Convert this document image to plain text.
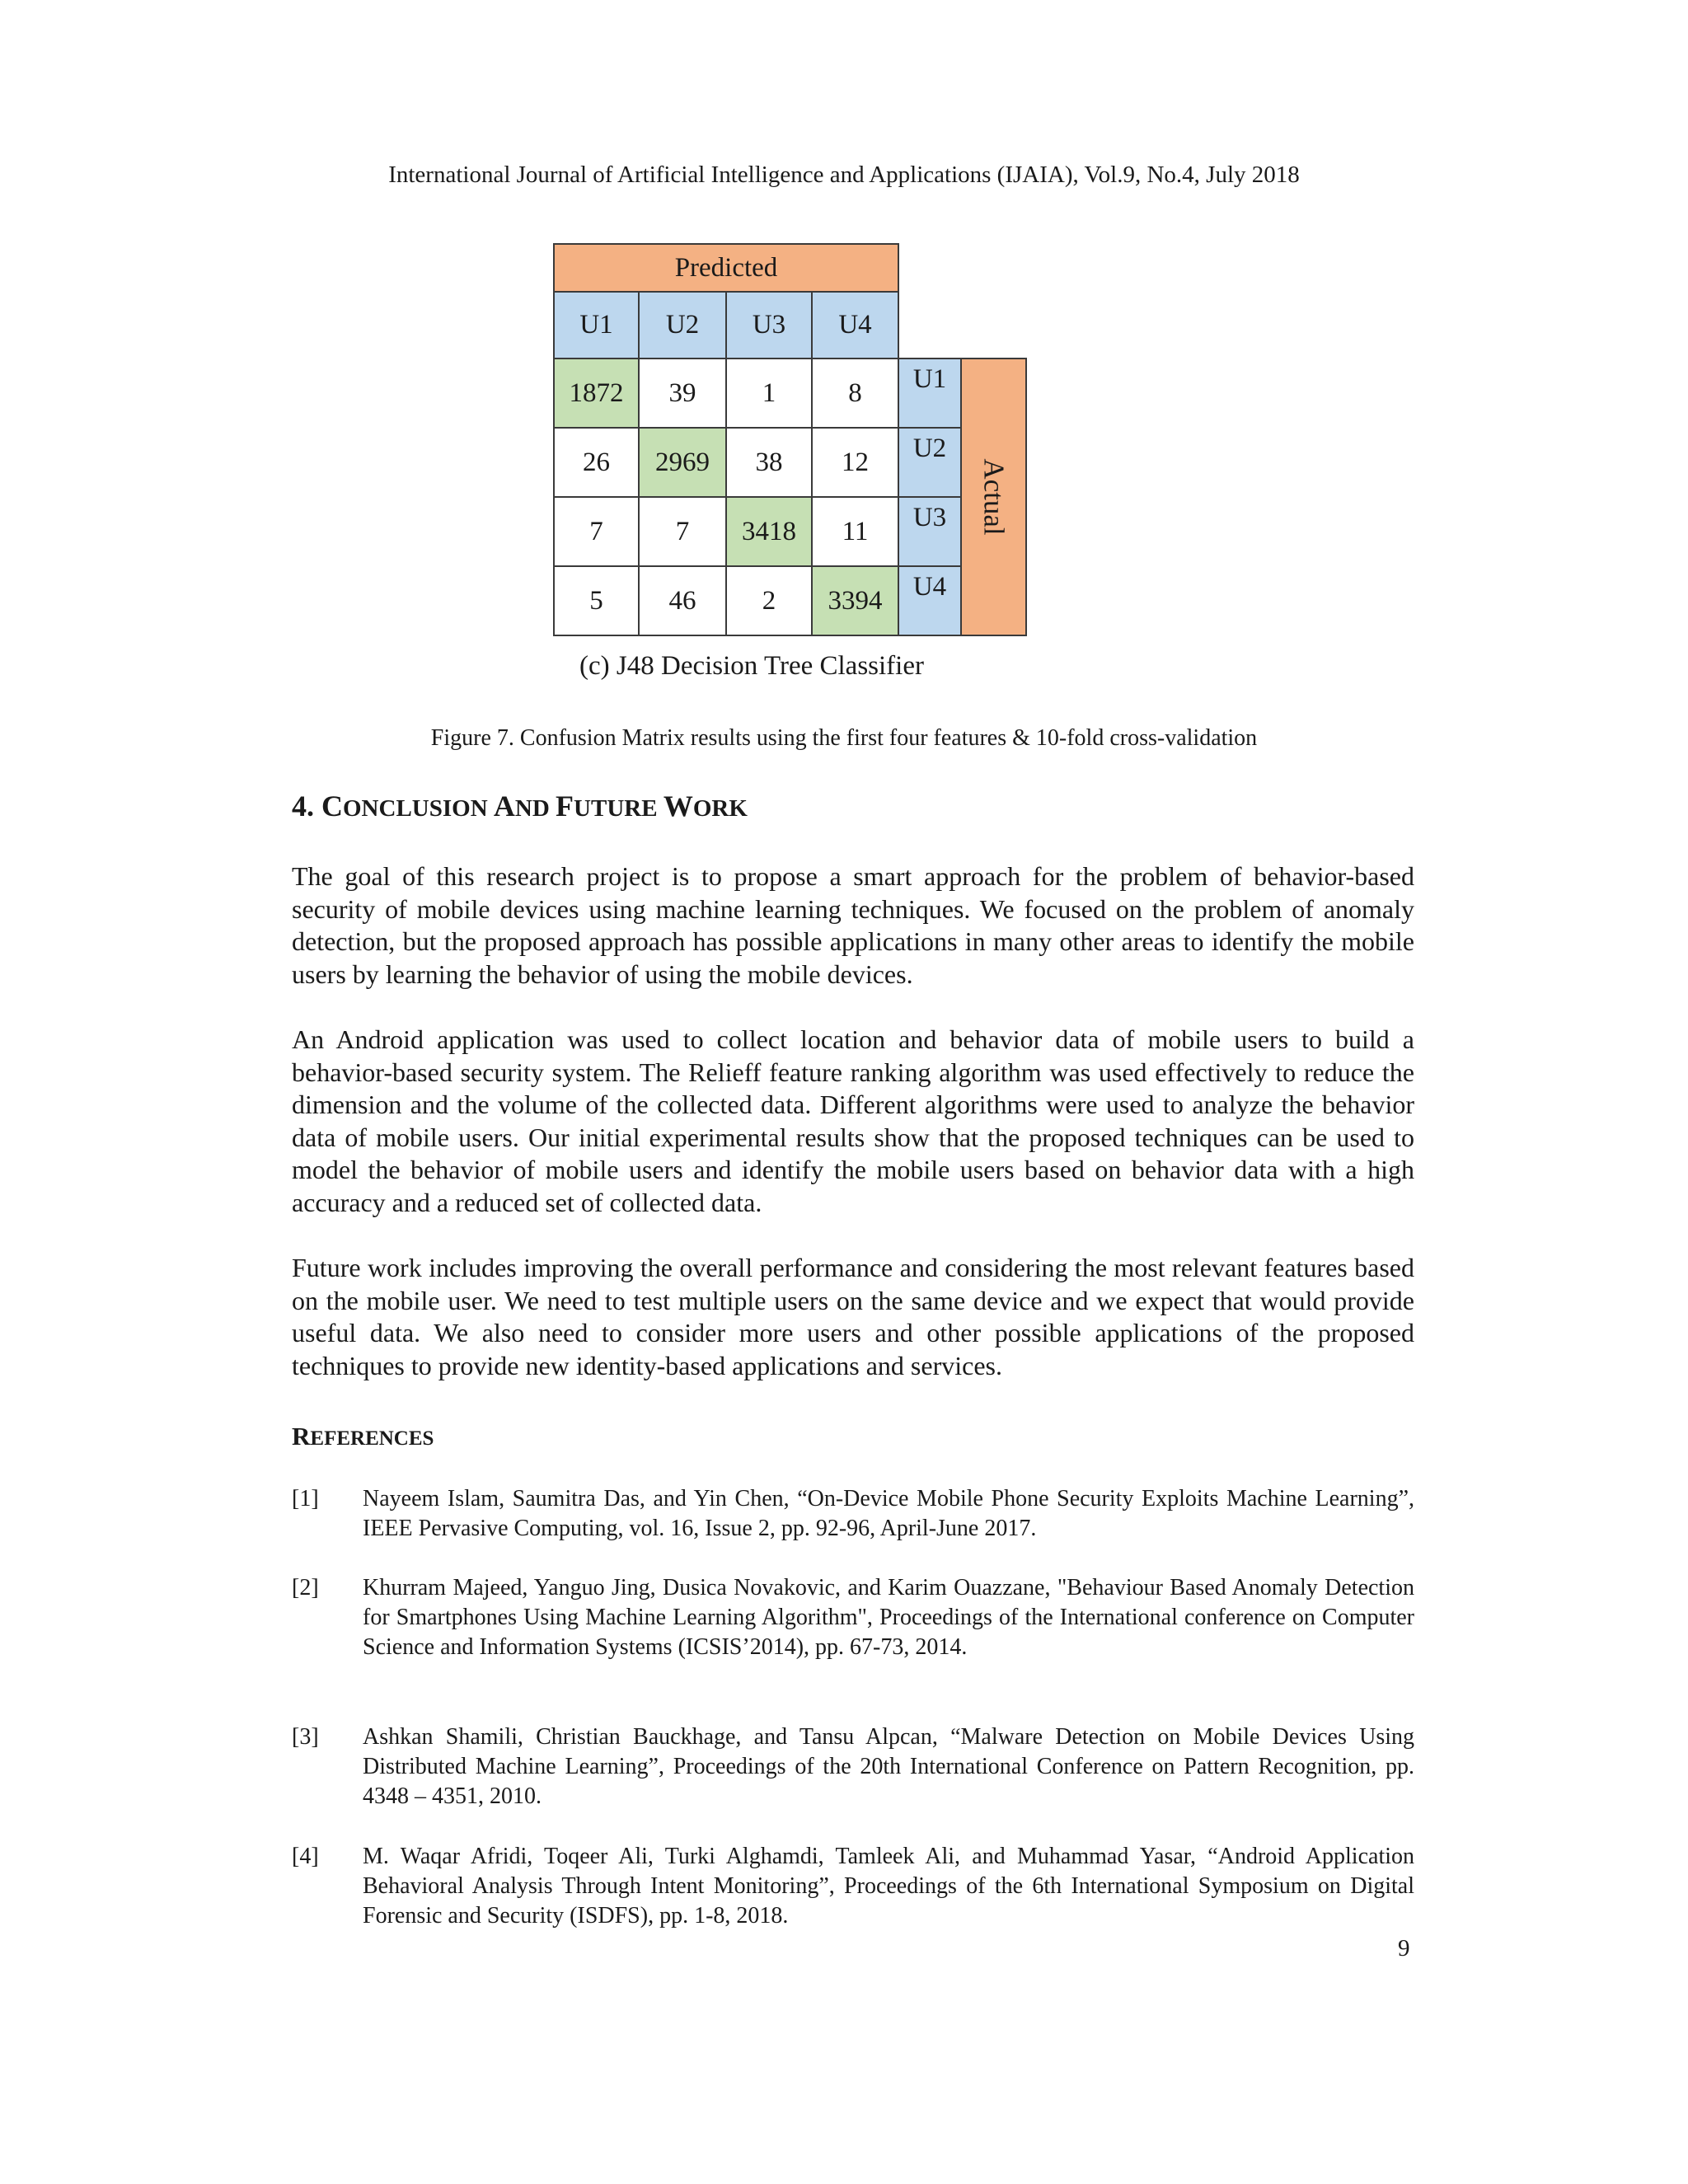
International Journal of Artificial Intelligence and Applications (IJAIA), Vol.9, No.4, July 2018
Predicted
U1	U2	U3	U4
1872	39	1	8	U1
26	2969	38	12	U2
7	7	3418	11	U3
5	46	2	3394	U4
Actual
(c) J48 Decision Tree Classifier
Figure 7. Confusion Matrix results using the first four features & 10-fold cross-validation
4. CONCLUSION AND FUTURE WORK
The goal of this research project is to propose a smart approach for the problem of behavior-based security of mobile devices using machine learning techniques. We focused on the problem of anomaly detection, but the proposed approach has possible applications in many other areas to identify the mobile users by learning the behavior of using the mobile devices.
An Android application was used to collect location and behavior data of mobile users to build a behavior-based security system. The Relieff feature ranking algorithm was used effectively to reduce the dimension and the volume of the collected data. Different algorithms were used to analyze the behavior data of mobile users. Our initial experimental results show that the proposed techniques can be used to model the behavior of mobile users and identify the mobile users based on behavior data with a high accuracy and a reduced set of collected data.
Future work includes improving the overall performance and considering the most relevant features based on the mobile user. We need to test multiple users on the same device and we expect that would provide useful data. We also need to consider more users and other possible applications of the proposed techniques to provide new identity-based applications and services.
REFERENCES
[1] Nayeem Islam, Saumitra Das, and Yin Chen, “On-Device Mobile Phone Security Exploits Machine Learning”, IEEE Pervasive Computing, vol. 16, Issue 2, pp. 92-96, April-June 2017.
[2] Khurram Majeed, Yanguo Jing, Dusica Novakovic, and Karim Ouazzane, "Behaviour Based Anomaly Detection for Smartphones Using Machine Learning Algorithm", Proceedings of the International conference on Computer Science and Information Systems (ICSIS’2014), pp. 67-73, 2014.
[3] Ashkan Shamili, Christian Bauckhage, and Tansu Alpcan, “Malware Detection on Mobile Devices Using Distributed Machine Learning”, Proceedings of the 20th International Conference on Pattern Recognition, pp. 4348 – 4351, 2010.
[4] M. Waqar Afridi, Toqeer Ali, Turki Alghamdi, Tamleek Ali, and Muhammad Yasar, “Android Application Behavioral Analysis Through Intent Monitoring”, Proceedings of the 6th International Symposium on Digital Forensic and Security (ISDFS), pp. 1-8, 2018.
9
